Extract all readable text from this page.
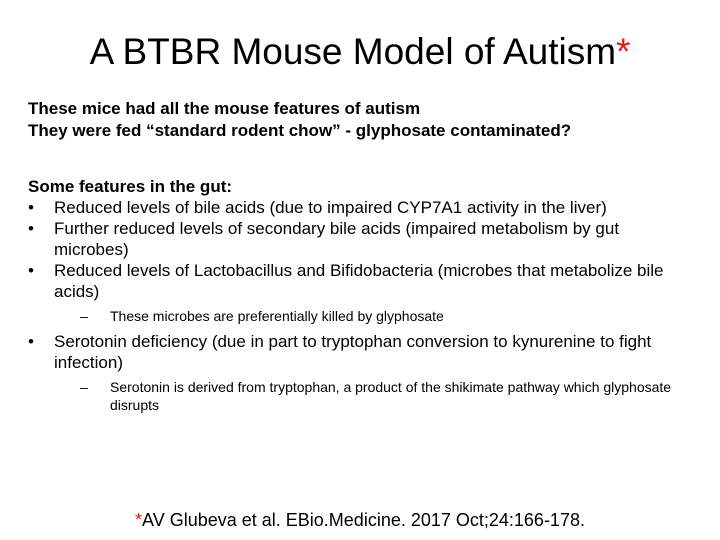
A BTBR Mouse Model of Autism*
These mice had all the mouse features of autism
They were fed “standard rodent chow” - glyphosate contaminated?
Some features in the gut:
•	Reduced levels of bile acids (due to impaired CYP7A1 activity in the liver)
•	Further reduced levels of secondary bile acids (impaired metabolism by gut microbes)
•	Reduced levels of Lactobacillus and Bifidobacteria (microbes that metabolize bile acids)
– These microbes are preferentially killed by glyphosate
•	Serotonin deficiency (due in part to tryptophan conversion to kynurenine to fight infection)
– Serotonin is derived from tryptophan, a product of the shikimate pathway which glyphosate disrupts
*AV Glubeva et al. EBio.Medicine. 2017 Oct;24:166-178.
